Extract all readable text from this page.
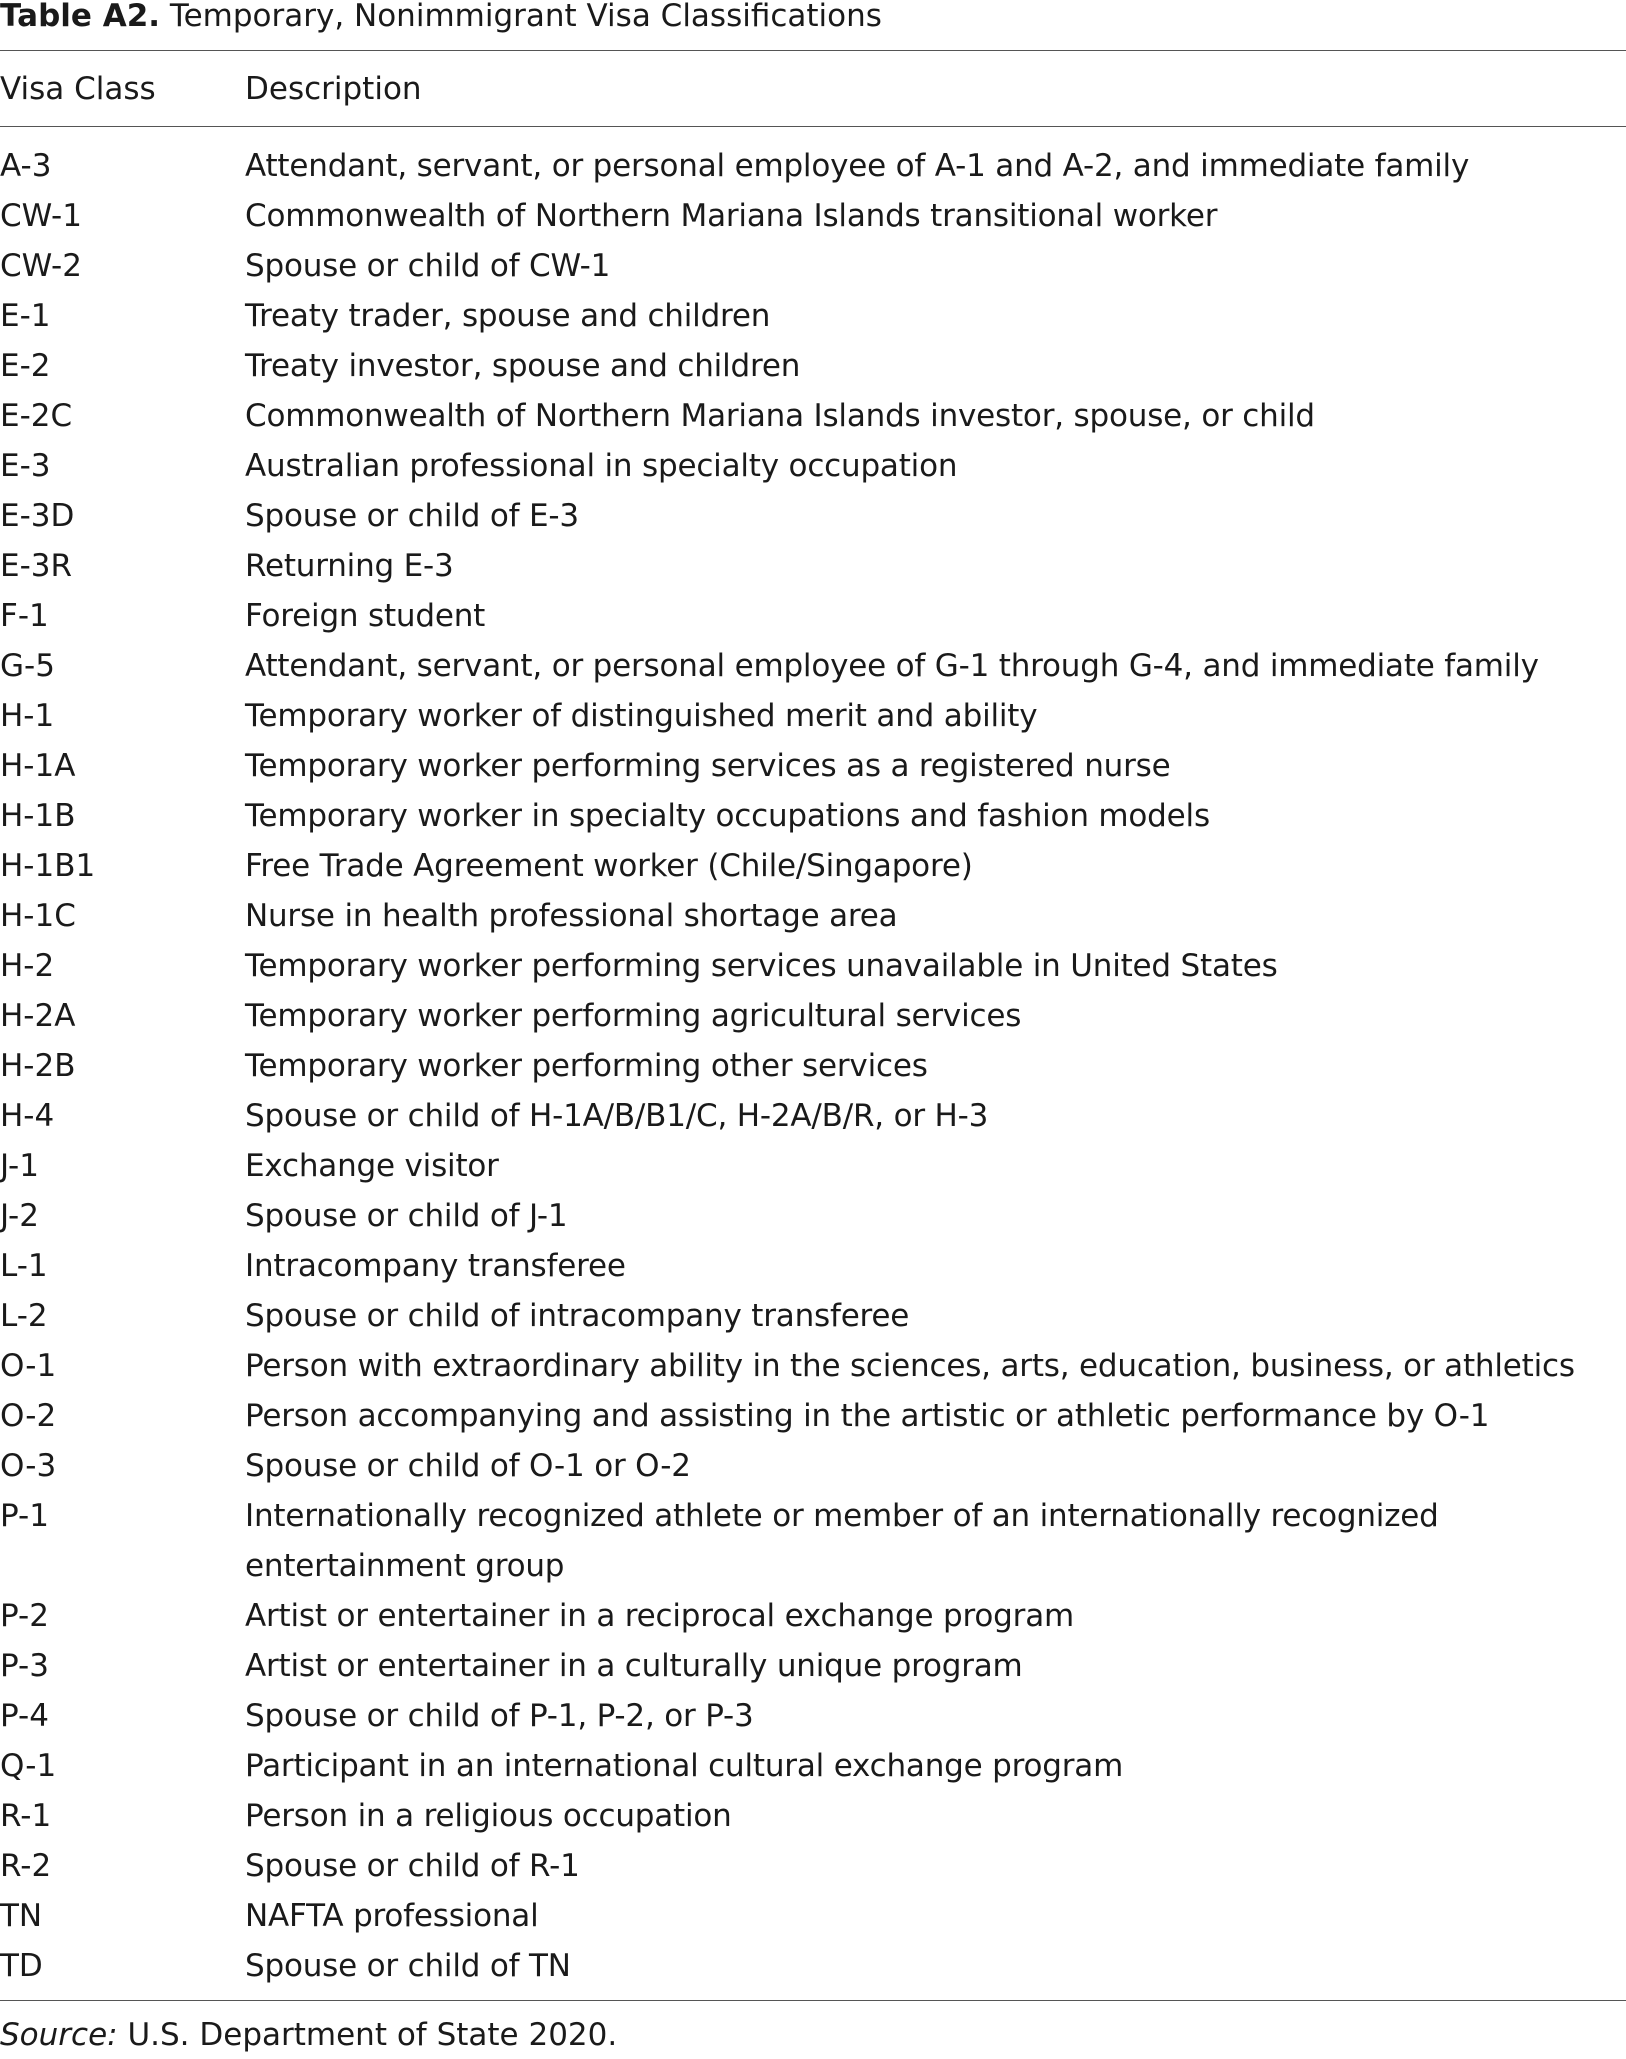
Table A2. Temporary, Nonimmigrant Visa Classifications
Visa Class	Description
A-3	Attendant, servant, or personal employee of A-1 and A-2, and immediate family
CW-1	Commonwealth of Northern Mariana Islands transitional worker
CW-2	Spouse or child of CW-1
E-1	Treaty trader, spouse and children
E-2	Treaty investor, spouse and children
E-2C	Commonwealth of Northern Mariana Islands investor, spouse, or child
E-3	Australian professional in specialty occupation
E-3D	Spouse or child of E-3
E-3R	Returning E-3
F-1	Foreign student
G-5	Attendant, servant, or personal employee of G-1 through G-4, and immediate family
H-1	Temporary worker of distinguished merit and ability
H-1A	Temporary worker performing services as a registered nurse
H-1B	Temporary worker in specialty occupations and fashion models
H-1B1	Free Trade Agreement worker (Chile/Singapore)
H-1C	Nurse in health professional shortage area
H-2	Temporary worker performing services unavailable in United States
H-2A	Temporary worker performing agricultural services
H-2B	Temporary worker performing other services
H-4	Spouse or child of H-1A/B/B1/C, H-2A/B/R, or H-3
J-1	Exchange visitor
J-2	Spouse or child of J-1
L-1	Intracompany transferee
L-2	Spouse or child of intracompany transferee
O-1	Person with extraordinary ability in the sciences, arts, education, business, or athletics
O-2	Person accompanying and assisting in the artistic or athletic performance by O-1
O-3	Spouse or child of O-1 or O-2
P-1	Internationally recognized athlete or member of an internationally recognized entertainment group
P-2	Artist or entertainer in a reciprocal exchange program
P-3	Artist or entertainer in a culturally unique program
P-4	Spouse or child of P-1, P-2, or P-3
Q-1	Participant in an international cultural exchange program
R-1	Person in a religious occupation
R-2	Spouse or child of R-1
TN	NAFTA professional
TD	Spouse or child of TN
Source: U.S. Department of State 2020.
